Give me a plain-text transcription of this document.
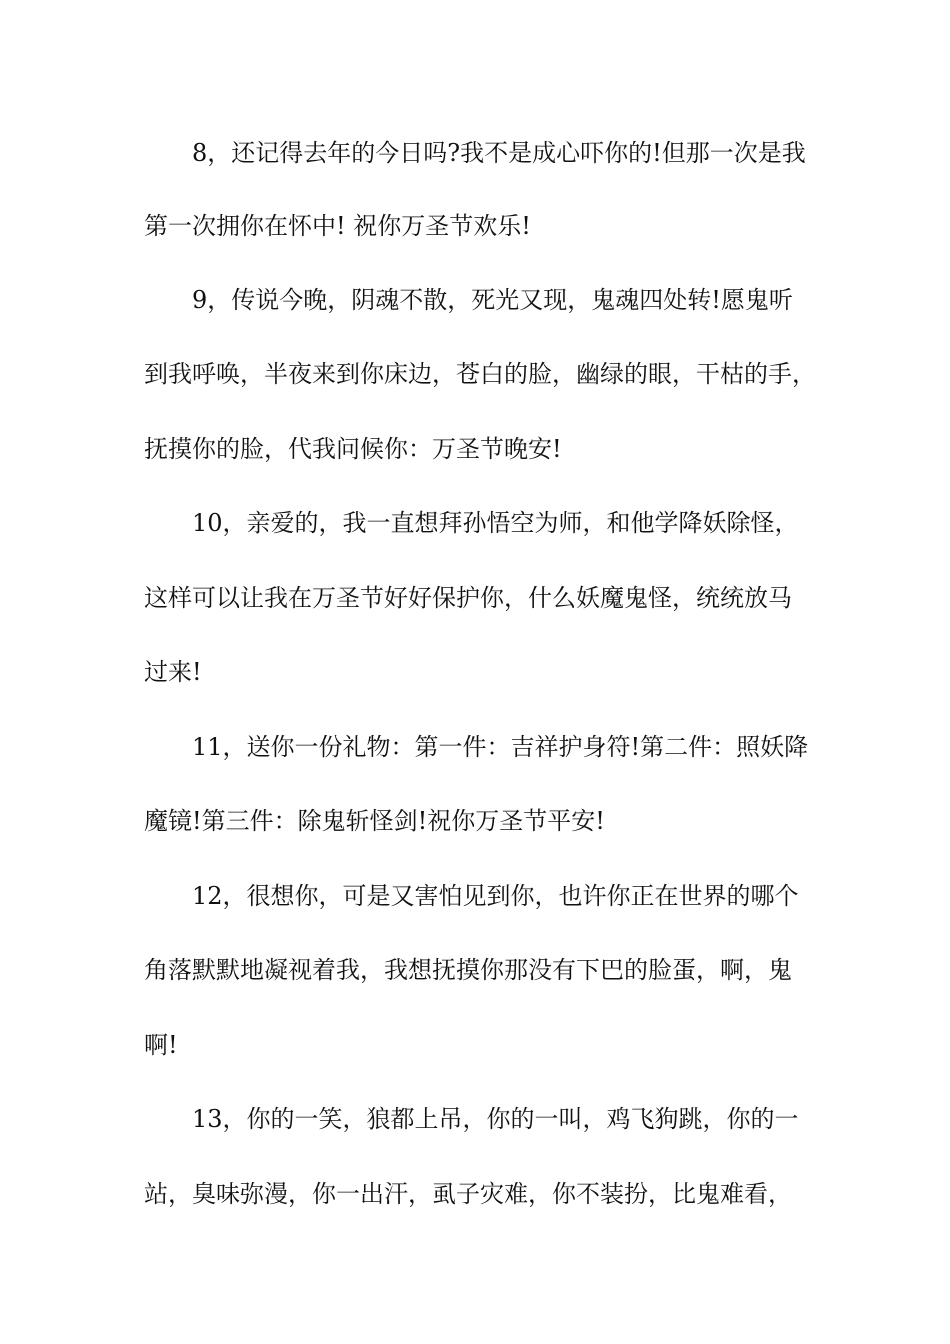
8，还记得去年的今日吗?我不是成心吓你的!但那一次是我
第一次拥你在怀中! 祝你万圣节欢乐!
9，传说今晚，阴魂不散，死光又现，鬼魂四处转!愿鬼听
到我呼唤，半夜来到你床边，苍白的脸，幽绿的眼，干枯的手，
抚摸你的脸，代我问候你：万圣节晚安!
10，亲爱的，我一直想拜孙悟空为师，和他学降妖除怪，
这样可以让我在万圣节好好保护你，什么妖魔鬼怪，统统放马
过来!
11，送你一份礼物：第一件：吉祥护身符!第二件：照妖降
魔镜!第三件：除鬼斩怪剑!祝你万圣节平安!
12，很想你，可是又害怕见到你，也许你正在世界的哪个
角落默默地凝视着我，我想抚摸你那没有下巴的脸蛋，啊，鬼
啊!
13，你的一笑，狼都上吊，你的一叫，鸡飞狗跳，你的一
站，臭味弥漫，你一出汗，虱子灾难，你不装扮，比鬼难看，
